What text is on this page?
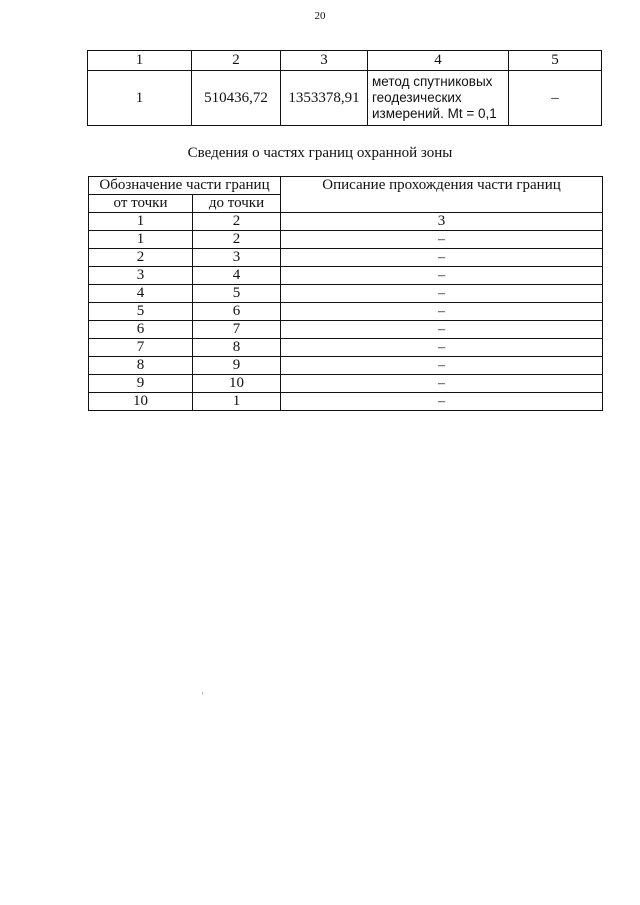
20
1	2	3	4	5
1	510436,72	1353378,91	метод спутниковых
геодезических
измерений. Mt = 0,1	–
Сведения о частях границ охранной зоны
Обозначение части границ		Описание прохождения части границ
от точки	до точки	
1	2	3
1	2	–
2	3	–
3	4	–
4	5	–
5	6	–
6	7	–
7	8	–
8	9	–
9	10	–
10	1	–
